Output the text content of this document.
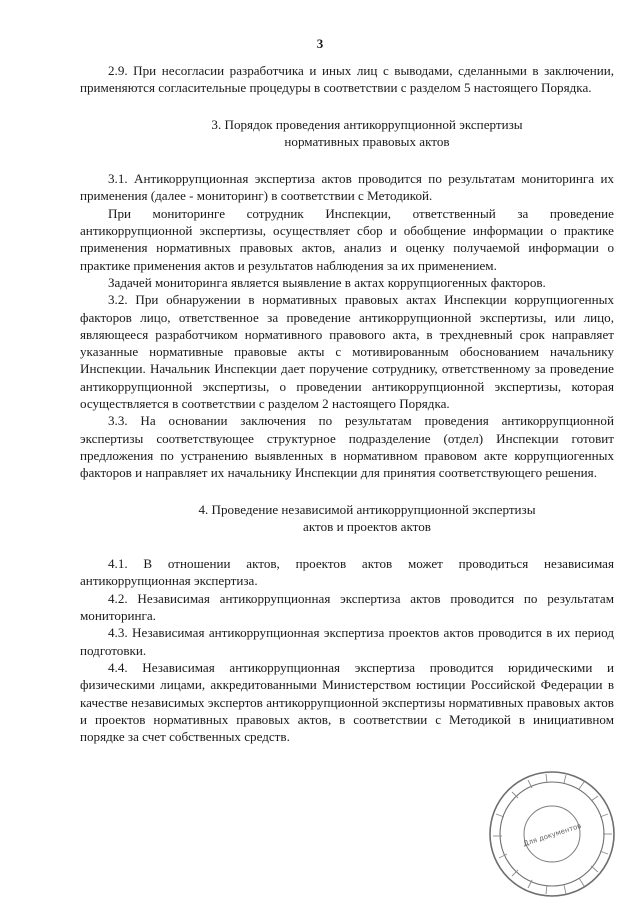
3

2.9. При несогласии разработчика и иных лиц с выводами, сделанными в заключении, применяются согласительные процедуры в соответствии с разделом 5 настоящего Порядка.

3. Порядок проведения антикоррупционной экспертизы
нормативных правовых актов

3.1. Антикоррупционная экспертиза актов проводится по результатам мониторинга их применения (далее - мониторинг) в соответствии с Методикой.

При мониторинге сотрудник Инспекции, ответственный за проведение антикоррупционной экспертизы, осуществляет сбор и обобщение информации о практике применения нормативных правовых актов, анализ и оценку получаемой информации о практике применения актов и результатов наблюдения за их применением.

Задачей мониторинга является выявление в актах коррупциогенных факторов.

3.2. При обнаружении в нормативных правовых актах Инспекции коррупциогенных факторов лицо, ответственное за проведение антикоррупционной экспертизы, или лицо, являющееся разработчиком нормативного правового акта, в трехдневный срок направляет указанные нормативные правовые акты с мотивированным обоснованием начальнику Инспекции. Начальник Инспекции дает поручение сотруднику, ответственному за проведение антикоррупционной экспертизы, о проведении антикоррупционной экспертизы, которая осуществляется в соответствии с разделом 2 настоящего Порядка.

3.3. На основании заключения по результатам проведения антикоррупционной экспертизы соответствующее структурное подразделение (отдел) Инспекции готовит предложения по устранению выявленных в нормативном правовом акте коррупциогенных факторов и направляет их начальнику Инспекции для принятия соответствующего решения.

4. Проведение независимой антикоррупционной экспертизы
актов и проектов актов

4.1. В отношении актов, проектов актов может проводиться независимая антикоррупционная экспертиза.

4.2. Независимая антикоррупционная экспертиза актов проводится по результатам мониторинга.

4.3. Независимая антикоррупционная экспертиза проектов актов проводится в их период подготовки.

4.4. Независимая антикоррупционная экспертиза проводится юридическими и физическими лицами, аккредитованными Министерством юстиции Российской Федерации в качестве независимых экспертов антикоррупционной экспертизы нормативных правовых актов и проектов нормативных правовых актов, в соответствии с Методикой в инициативном порядке за счет собственных средств.

Для документов
